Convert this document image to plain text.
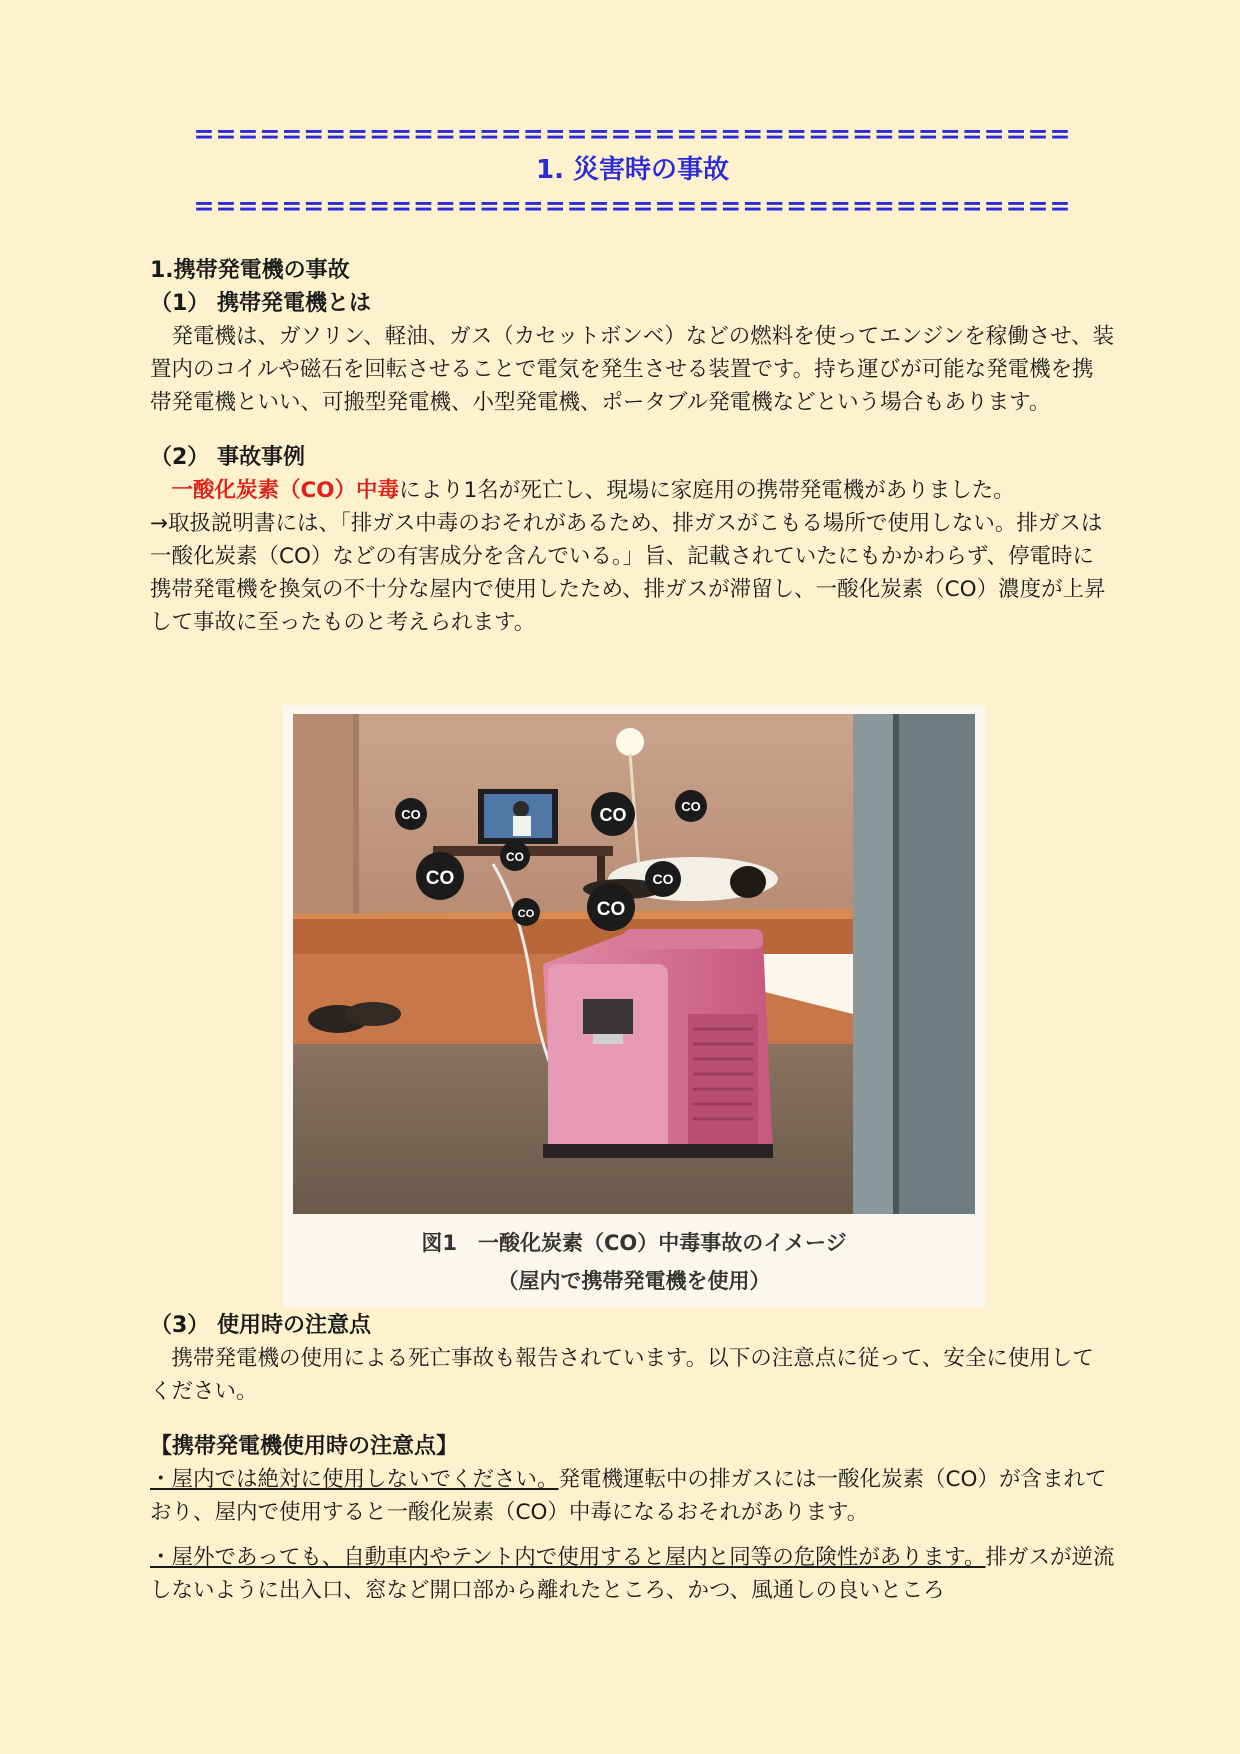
========================================
1. 災害時の事故
========================================

1.携帯発電機の事故

（1） 携帯発電機とは

発電機は、ガソリン、軽油、ガス（カセットボンベ）などの燃料を使ってエンジンを稼働させ、装置内のコイルや磁石を回転させることで電気を発生させる装置です。持ち運びが可能な発電機を携帯発電機といい、可搬型発電機、小型発電機、ポータブル発電機などという場合もあります。

（2） 事故事例

一酸化炭素（CO）中毒により1名が死亡し、現場に家庭用の携帯発電機がありました。

→取扱説明書には、「排ガス中毒のおそれがあるため、排ガスがこもる場所で使用しない。排ガスは一酸化炭素（CO）などの有害成分を含んでいる。」旨、記載されていたにもかかわらず、停電時に携帯発電機を換気の不十分な屋内で使用したため、排ガスが滞留し、一酸化炭素（CO）濃度が上昇して事故に至ったものと考えられます。

CO	CO	CO
CO
CO
CO
CO	CO
図1　一酸化炭素（CO）中毒事故のイメージ
（屋内で携帯発電機を使用）

（3） 使用時の注意点

携帯発電機の使用による死亡事故も報告されています。以下の注意点に従って、安全に使用してください。

【携帯発電機使用時の注意点】

・屋内では絶対に使用しないでください。発電機運転中の排ガスには一酸化炭素（CO）が含まれており、屋内で使用すると一酸化炭素（CO）中毒になるおそれがあります。

・屋外であっても、自動車内やテント内で使用すると屋内と同等の危険性があります。排ガスが逆流しないように出入口、窓など開口部から離れたところ、かつ、風通しの良いところ
